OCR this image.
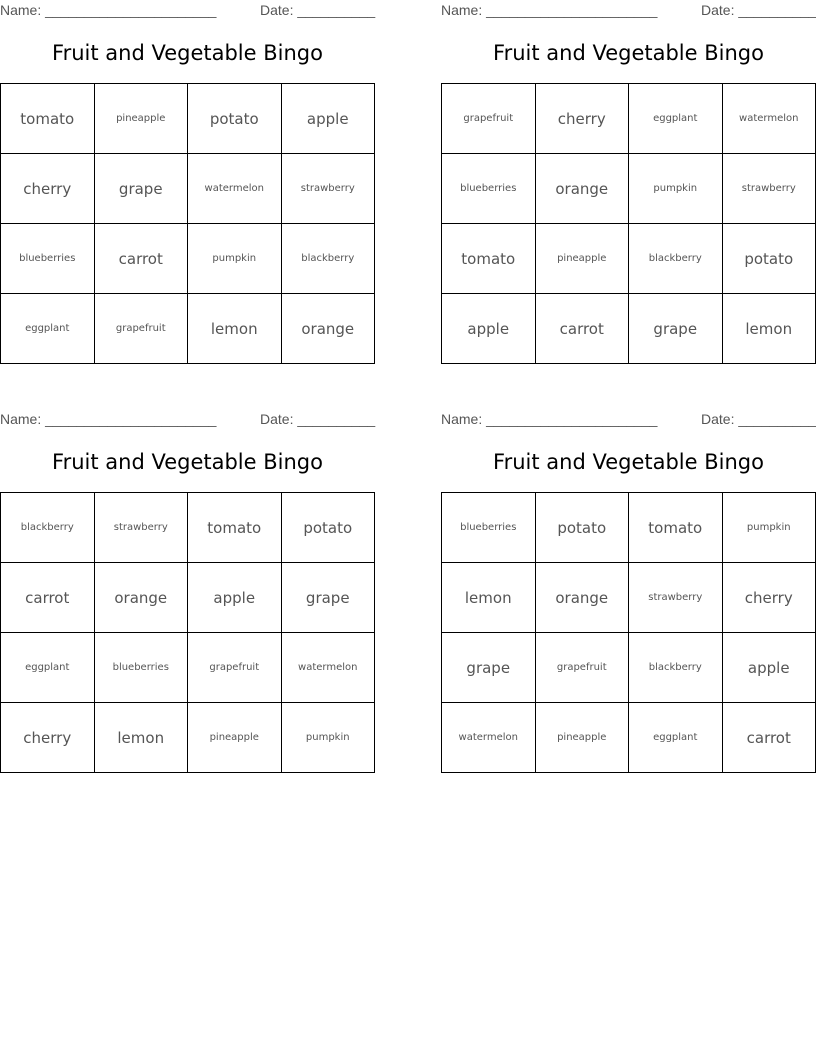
Name: ______________________	Date: __________
Fruit and Vegetable Bingo
tomato	pineapple	potato	apple
cherry	grape	watermelon	strawberry
blueberries	carrot	pumpkin	blackberry
eggplant	grapefruit	lemon	orange
Name: ______________________	Date: __________
Fruit and Vegetable Bingo
grapefruit	cherry	eggplant	watermelon
blueberries	orange	pumpkin	strawberry
tomato	pineapple	blackberry	potato
apple	carrot	grape	lemon
Name: ______________________	Date: __________
Fruit and Vegetable Bingo
blackberry	strawberry	tomato	potato
carrot	orange	apple	grape
eggplant	blueberries	grapefruit	watermelon
cherry	lemon	pineapple	pumpkin
Name: ______________________	Date: __________
Fruit and Vegetable Bingo
blueberries	potato	tomato	pumpkin
lemon	orange	strawberry	cherry
grape	grapefruit	blackberry	apple
watermelon	pineapple	eggplant	carrot
